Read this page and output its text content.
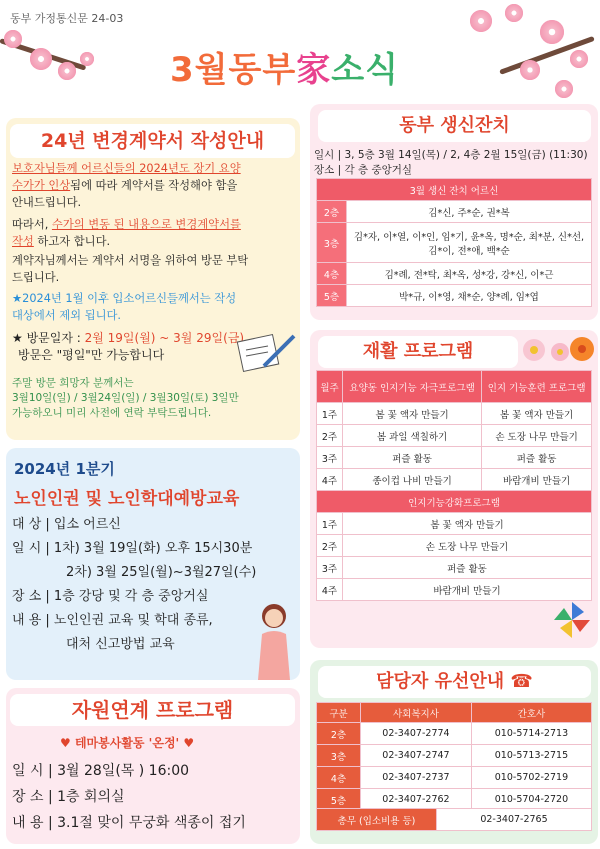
동부 가정통신문 24-03
3월동부家소식

보호자님들께 어르신들의 2024년도 장기 요양
수가가 인상됨에 따라 계약서를 작성해야 함을
안내드립니다.

따라서, 수가의 변동 된 내용으로 변경계약서를
작성 하고자 합니다.

계약자님께서는 계약서 서명을 위하여 방문 부탁
드립니다.

★2024년 1월 이후 입소어르신들께서는 작성
대상에서 제외 됩니다.

★ 방문일자 : 2월 19일(월) ~ 3월 29일(금)
방문은 "평일"만 가능합니다

주말 방문 희망자 분께서는
3월10일(일) / 3월24일(일) / 3월30일(토) 3일만
가능하오니 미리 사전에 연락 부탁드립니다.

24년 변경계약서 작성안내
대 상 | 입소 어르신
일 시 | 1차) 3월 19일(화) 오후 15시30분
2차) 3월 25일(월)~3월27일(수)
장 소 | 1층 강당 및 각 층 중앙거실
내 용 | 노인인권 교육 및 학대 종류,
대처 신고방법 교육
2024년 1분기
노인인권 및 노인학대예방교육
일 시 | 3월 28일(목 ) 16:00
장 소 | 1층 회의실
내 용 | 3.1절 맞이 무궁화 색종이 접기
자원연계 프로그램
♥ 테마봉사활동 '온정' ♥
동부 생신잔치
일시 | 3, 5층 3월 14일(목) / 2, 4층 2월 15일(금) (11:30)
장소 | 각 층 중앙거실
3월 생신 잔치 어르신	
2층	김*신, 주*순, 권*복
3층	김*자, 이*열, 이*인, 임*기, 윤*옥, 명*순, 최*분, 신*선, 김*이, 전*애, 백*순
4층	김*례, 전*탁, 최*옥, 성*강, 강*신, 이*근
5층	박*규, 이*영, 채*순, 양*례, 임*엽
재활 프로그램
월주	요양동 인지기능 자극프로그램	인지 기능훈련 프로그램
1주	봄 꽃 액자 만들기	봄 꽃 액자 만들기
2주	봄 과일 색칠하기	손 도장 나무 만들기
3주	퍼즐 활동	퍼즐 활동
4주	종이컵 나비 만들기	바람개비 만들기
인지기능강화프로그램		
1주	봄 꽃 액자 만들기	
2주	손 도장 나무 만들기	
3주	퍼즐 활동	
4주	바람개비 만들기	
담당자 유선안내 ☎
구분	사회복지사	간호사
2층	02-3407-2774	010-5714-2713
3층	02-3407-2747	010-5713-2715
4층	02-3407-2737	010-5702-2719
5층	02-3407-2762	010-5704-2720
총무 (입소비용 등)	02-3407-2765
